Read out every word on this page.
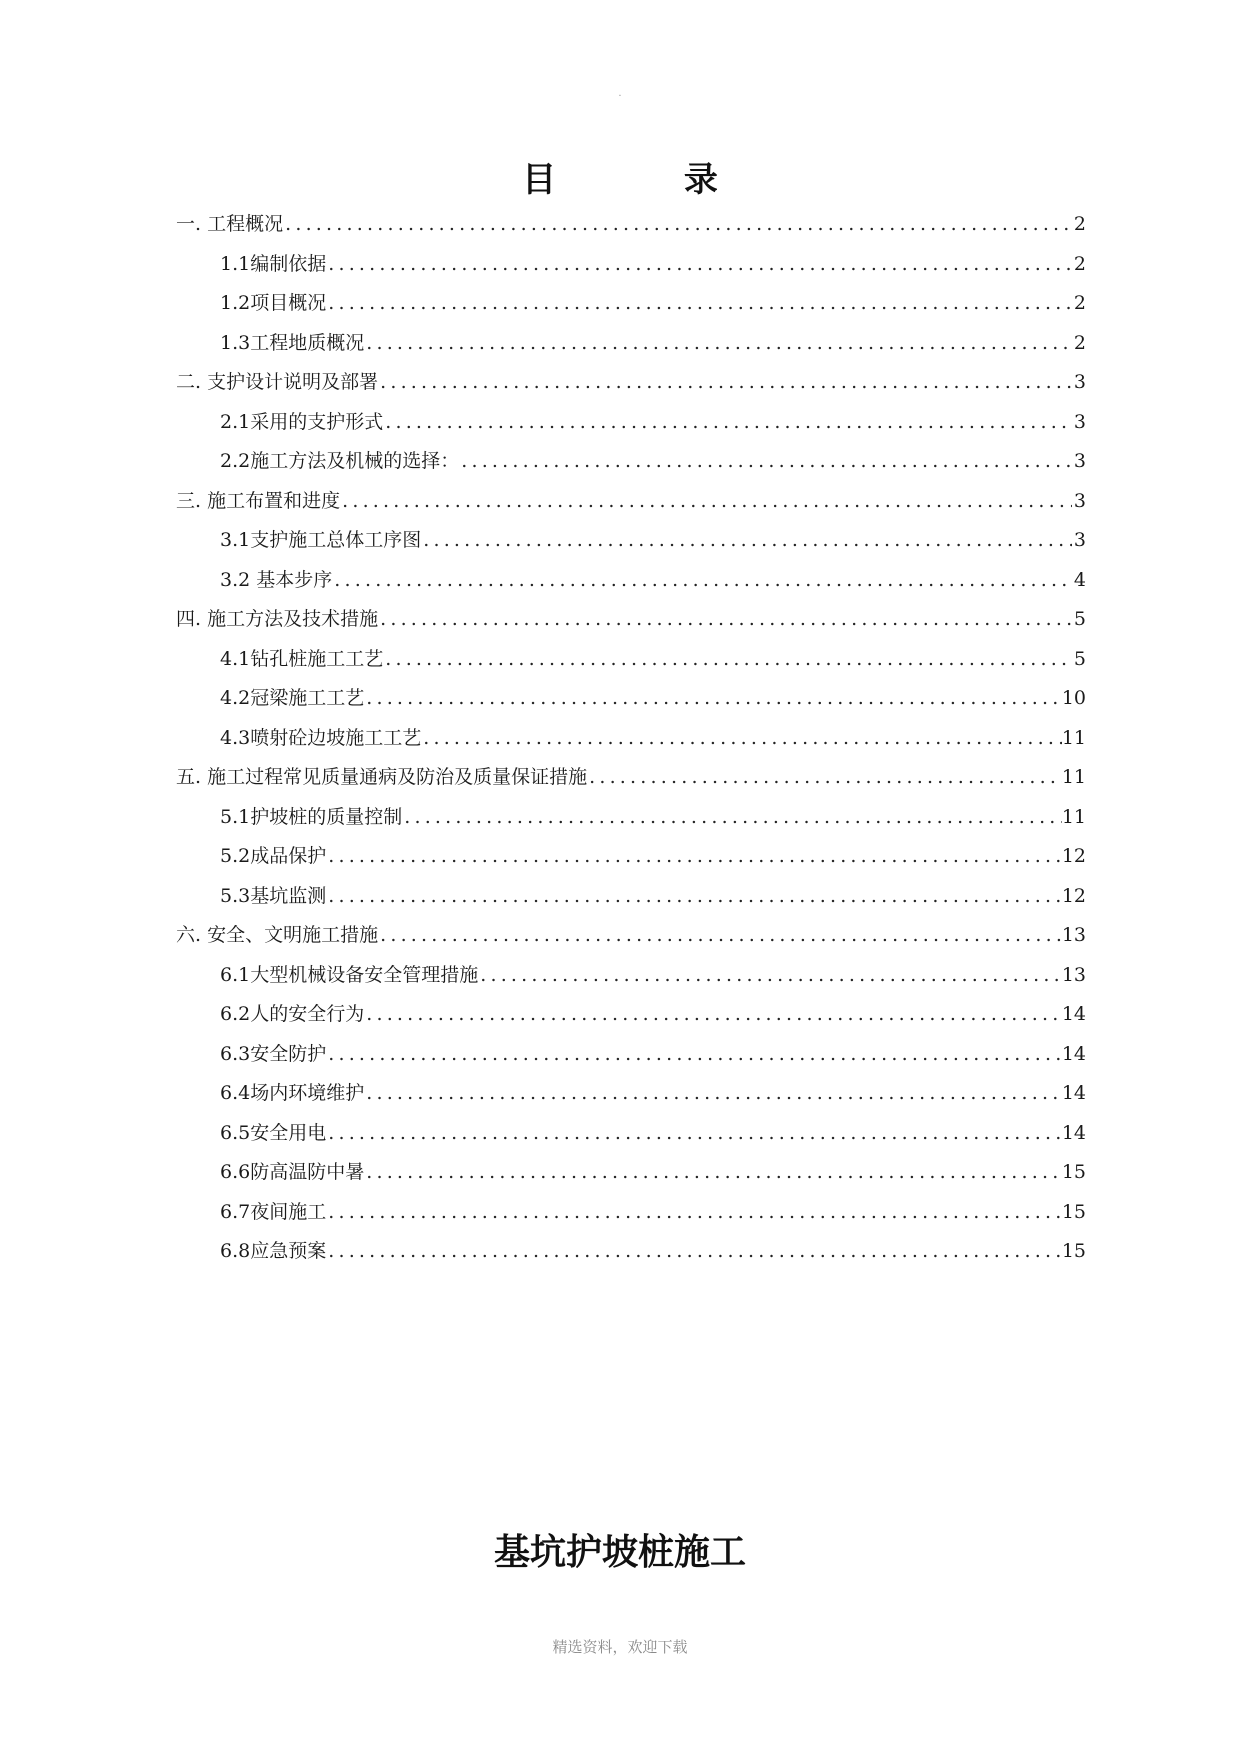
.
目 录
一. 工程概况 .....	2
1.1编制依据 .....	2
1.2项目概况 .....	2
1.3工程地质概况 .....	2
二. 支护设计说明及部署 .....	3
2.1采用的支护形式 .....	3
2.2施工方法及机械的选择： .....	3
三. 施工布置和进度 .....	3
3.1支护施工总体工序图 .....	3
3.2 基本步序 .....	4
四. 施工方法及技术措施 .....	5
4.1钻孔桩施工工艺 .....	5
4.2冠梁施工工艺 .....	10
4.3喷射砼边坡施工工艺 .....	11
五. 施工过程常见质量通病及防治及质量保证措施 .....	11
5.1护坡桩的质量控制 .....	11
5.2成品保护 .....	12
5.3基坑监测 .....	12
六. 安全、文明施工措施 .....	13
6.1大型机械设备安全管理措施 .....	13
6.2人的安全行为 .....	14
6.3安全防护 .....	14
6.4场内环境维护 .....	14
6.5安全用电 .....	14
6.6防高温防中暑 .....	15
6.7夜间施工 .....	15
6.8应急预案 .....	15
基坑护坡桩施工
精选资料，欢迎下载
